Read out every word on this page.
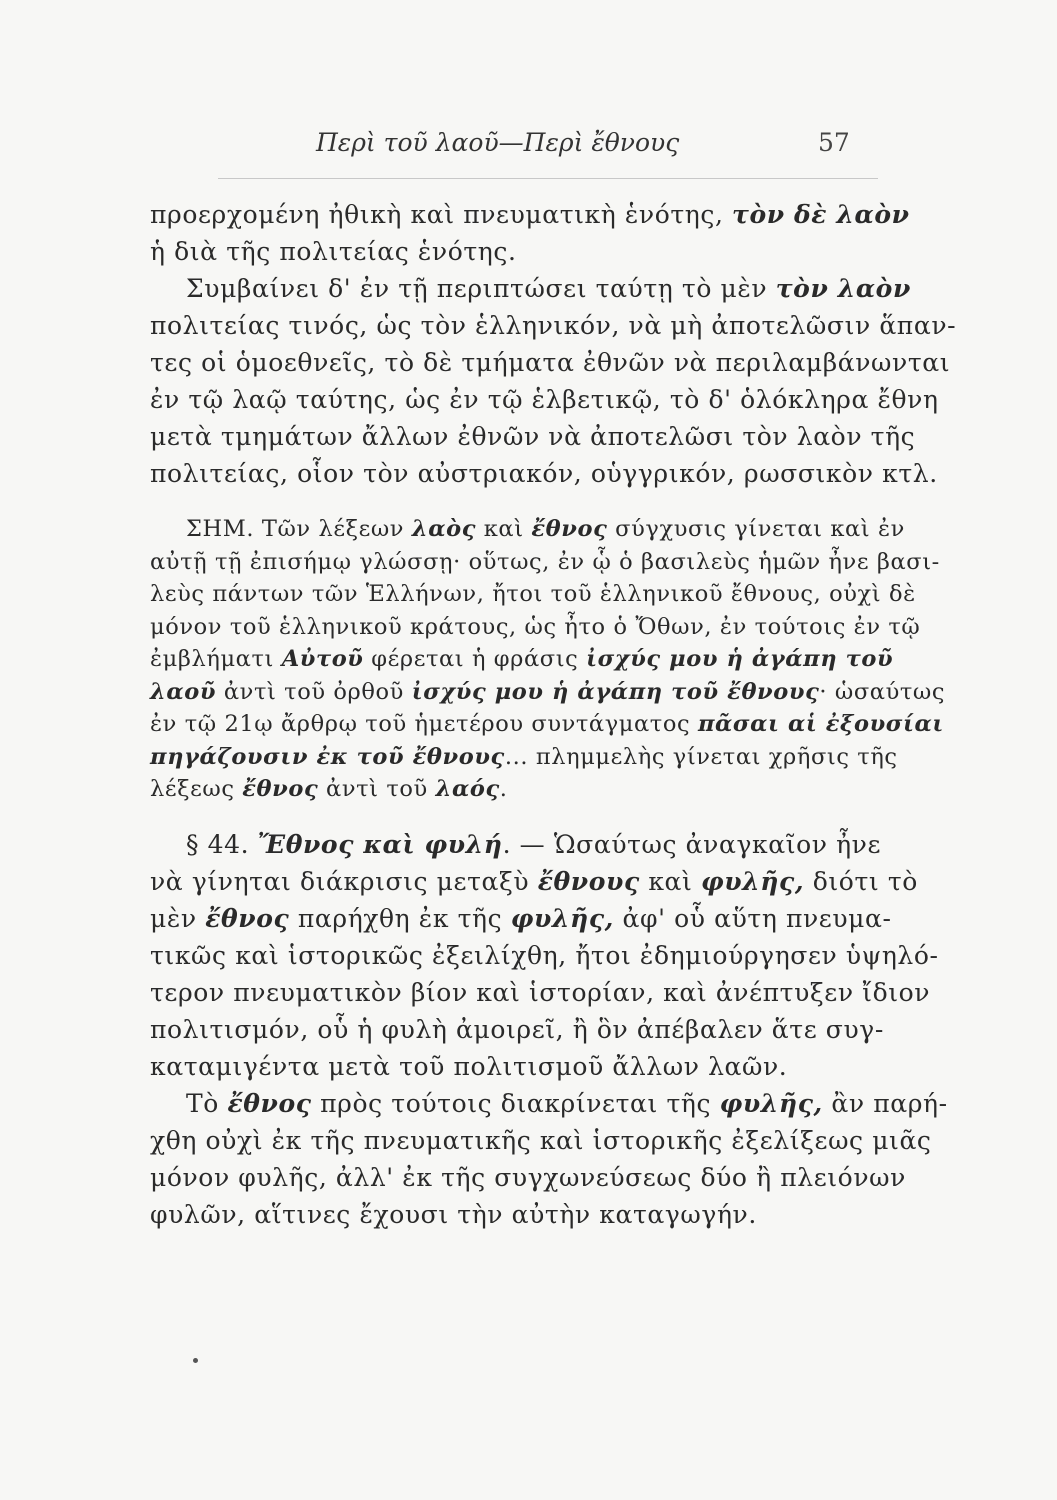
Περὶ τοῦ λαοῦ—Περὶ ἔθνους	57

προερχομένη ἠθικὴ καὶ πνευματικὴ ἑνότης, τὸν δὲ λαὸν
ἡ διὰ τῆς πολιτείας ἑνότης.

Συμβαίνει δ' ἐν τῇ περιπτώσει ταύτῃ τὸ μὲν τὸν λαὸν
πολιτείας τινός, ὡς τὸν ἑλληνικόν, νὰ μὴ ἀποτελῶσιν ἅπαν-
τες οἱ ὁμοεθνεῖς, τὸ δὲ τμήματα ἐθνῶν νὰ περιλαμβάνωνται
ἐν τῷ λαῷ ταύτης, ὡς ἐν τῷ ἑλβετικῷ, τὸ δ' ὁλόκληρα ἔθνη
μετὰ τμημάτων ἄλλων ἐθνῶν νὰ ἀποτελῶσι τὸν λαὸν τῆς
πολιτείας, οἷον τὸν αὐστριακόν, οὑγγρικόν, ρωσσικὸν κτλ.

ΣΗΜ. Τῶν λέξεων λαὸς καὶ ἔθνος σύγχυσις γίνεται καὶ ἐν
αὐτῇ τῇ ἐπισήμῳ γλώσσῃ· οὕτως, ἐν ᾧ ὁ βασιλεὺς ἡμῶν ἦνε βασι-
λεὺς πάντων τῶν Ἑλλήνων, ἤτοι τοῦ ἑλληνικοῦ ἔθνους, οὐχὶ δὲ
μόνον τοῦ ἑλληνικοῦ κράτους, ὡς ἦτο ὁ Ὄθων, ἐν τούτοις ἐν τῷ
ἐμβλήματι Αὐτοῦ φέρεται ἡ φράσις ἰσχύς μου ἡ ἀγάπη τοῦ
λαοῦ ἀντὶ τοῦ ὀρθοῦ ἰσχύς μου ἡ ἀγάπη τοῦ ἔθνους· ὡσαύτως
ἐν τῷ 21ῳ ἄρθρῳ τοῦ ἡμετέρου συντάγματος πᾶσαι αἱ ἐξουσίαι
πηγάζουσιν ἐκ τοῦ ἔθνους... πλημμελὴς γίνεται χρῆσις τῆς
λέξεως ἔθνος ἀντὶ τοῦ λαός.

§ 44. Ἔθνος καὶ φυλή. — Ὡσαύτως ἀναγκαῖον ἦνε
νὰ γίνηται διάκρισις μεταξὺ ἔθνους καὶ φυλῆς, διότι τὸ
μὲν ἔθνος παρήχθη ἐκ τῆς φυλῆς, ἀφ' οὗ αὕτη πνευμα-
τικῶς καὶ ἱστορικῶς ἐξειλίχθη, ἤτοι ἐδημιούργησεν ὑψηλό-
τερον πνευματικὸν βίον καὶ ἱστορίαν, καὶ ἀνέπτυξεν ἴδιον
πολιτισμόν, οὗ ἡ φυλὴ ἀμοιρεῖ, ἢ ὃν ἀπέβαλεν ἅτε συγ-
καταμιγέντα μετὰ τοῦ πολιτισμοῦ ἄλλων λαῶν.

Τὸ ἔθνος πρὸς τούτοις διακρίνεται τῆς φυλῆς, ἂν παρή-
χθη οὐχὶ ἐκ τῆς πνευματικῆς καὶ ἱστορικῆς ἐξελίξεως μιᾶς
μόνον φυλῆς, ἀλλ' ἐκ τῆς συγχωνεύσεως δύο ἢ πλειόνων
φυλῶν, αἵτινες ἔχουσι τὴν αὐτὴν καταγωγήν.
